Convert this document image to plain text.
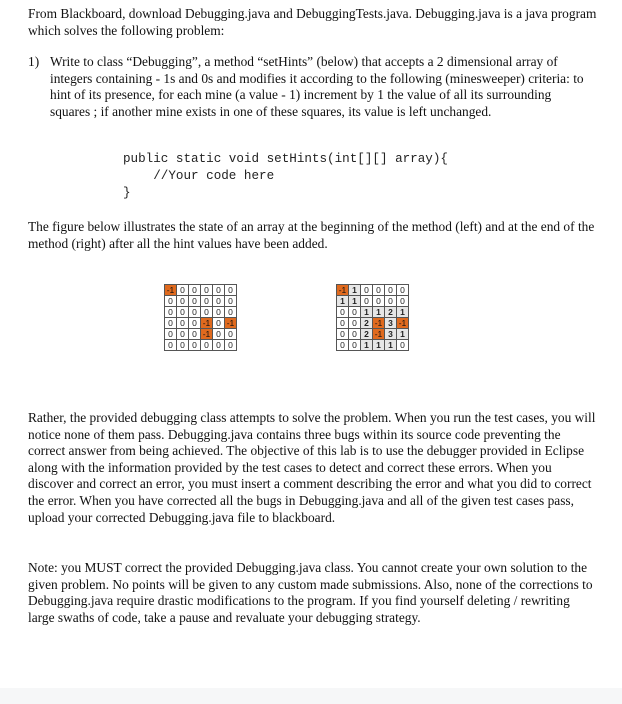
From Blackboard, download Debugging.java and DebuggingTests.java. Debugging.java is a java program which solves the following problem:

1) Write to class “Debugging”, a method “setHints” (below) that accepts a 2 dimensional array of integers containing - 1s and 0s and modifies it according to the following (minesweeper) criteria: to hint of its presence, for each mine (a value - 1) increment by 1 the value of all its surrounding squares ; if another mine exists in one of these squares, its value is left unchanged.
public static void setHints(int[][] array){
//Your code here
}

The figure below illustrates the state of an array at the beginning of the method (left) and at the end of the method (right) after all the hint values have been added.

-1	0	0	0	0	0
0	0	0	0	0	0
0	0	0	0	0	0
0	0	0	-1	0	-1
0	0	0	-1	0	0
0	0	0	0	0	0
-1	1	0	0	0	0
1	1	0	0	0	0
0	0	1	1	2	1
0	0	2	-1	3	-1
0	0	2	-1	3	1
0	0	1	1	1	0

Rather, the provided debugging class attempts to solve the problem. When you run the test cases, you will notice none of them pass. Debugging.java contains three bugs within its source code preventing the correct answer from being achieved. The objective of this lab is to use the debugger provided in Eclipse along with the information provided by the test cases to detect and correct these errors. When you discover and correct an error, you must insert a comment describing the error and what you did to correct the error. When you have corrected all the bugs in Debugging.java and all of the given test cases pass, upload your corrected Debugging.java file to blackboard.

Note: you MUST correct the provided Debugging.java class. You cannot create your own solution to the given problem. No points will be given to any custom made submissions. Also, none of the corrections to Debugging.java require drastic modifications to the program. If you find yourself deleting / rewriting large swaths of code, take a pause and revaluate your debugging strategy.
